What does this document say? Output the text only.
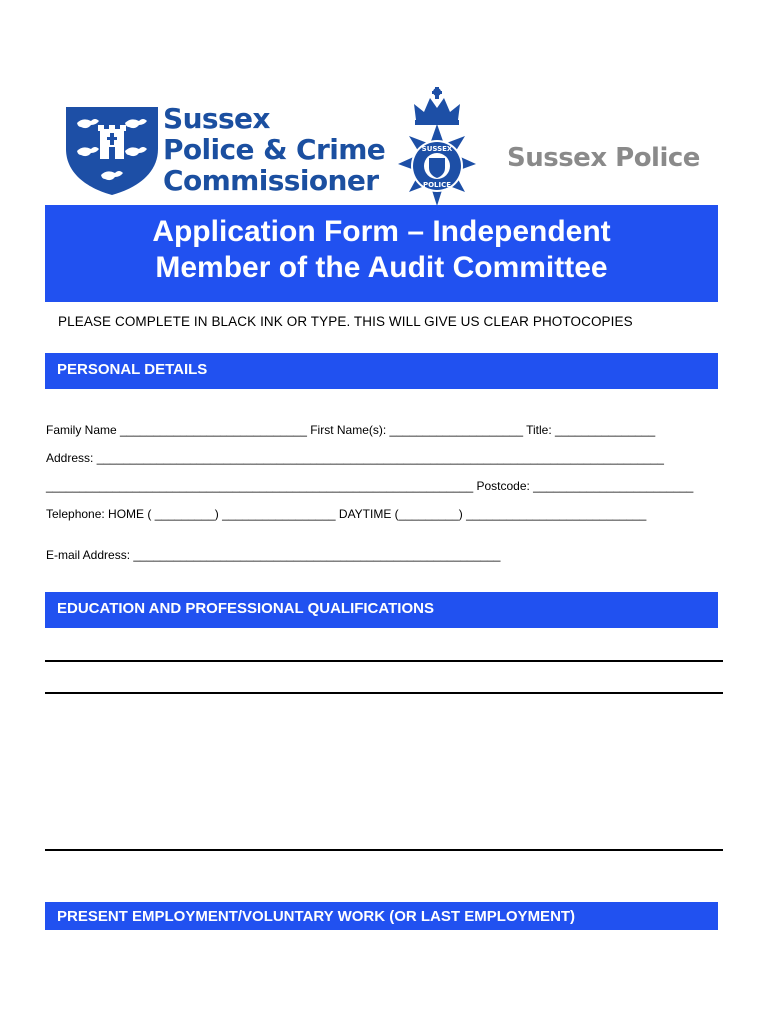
Sussex
Police & Crime
Commissioner
SUSSEX
POLICE
Sussex Police
Application Form – Independent
Member of the Audit Committee
PLEASE COMPLETE IN BLACK INK OR TYPE. THIS WILL GIVE US CLEAR PHOTOCOPIES
PERSONAL DETAILS
Family Name ____________________________ First Name(s): ____________________ Title: _______________
Address: _____________________________________________________________________________________
________________________________________________________________ Postcode: ________________________
Telephone: HOME ( _________) _________________ DAYTIME (_________) ___________________________
E-mail Address: _______________________________________________________
EDUCATION AND PROFESSIONAL QUALIFICATIONS
PRESENT EMPLOYMENT/VOLUNTARY WORK (OR LAST EMPLOYMENT)
